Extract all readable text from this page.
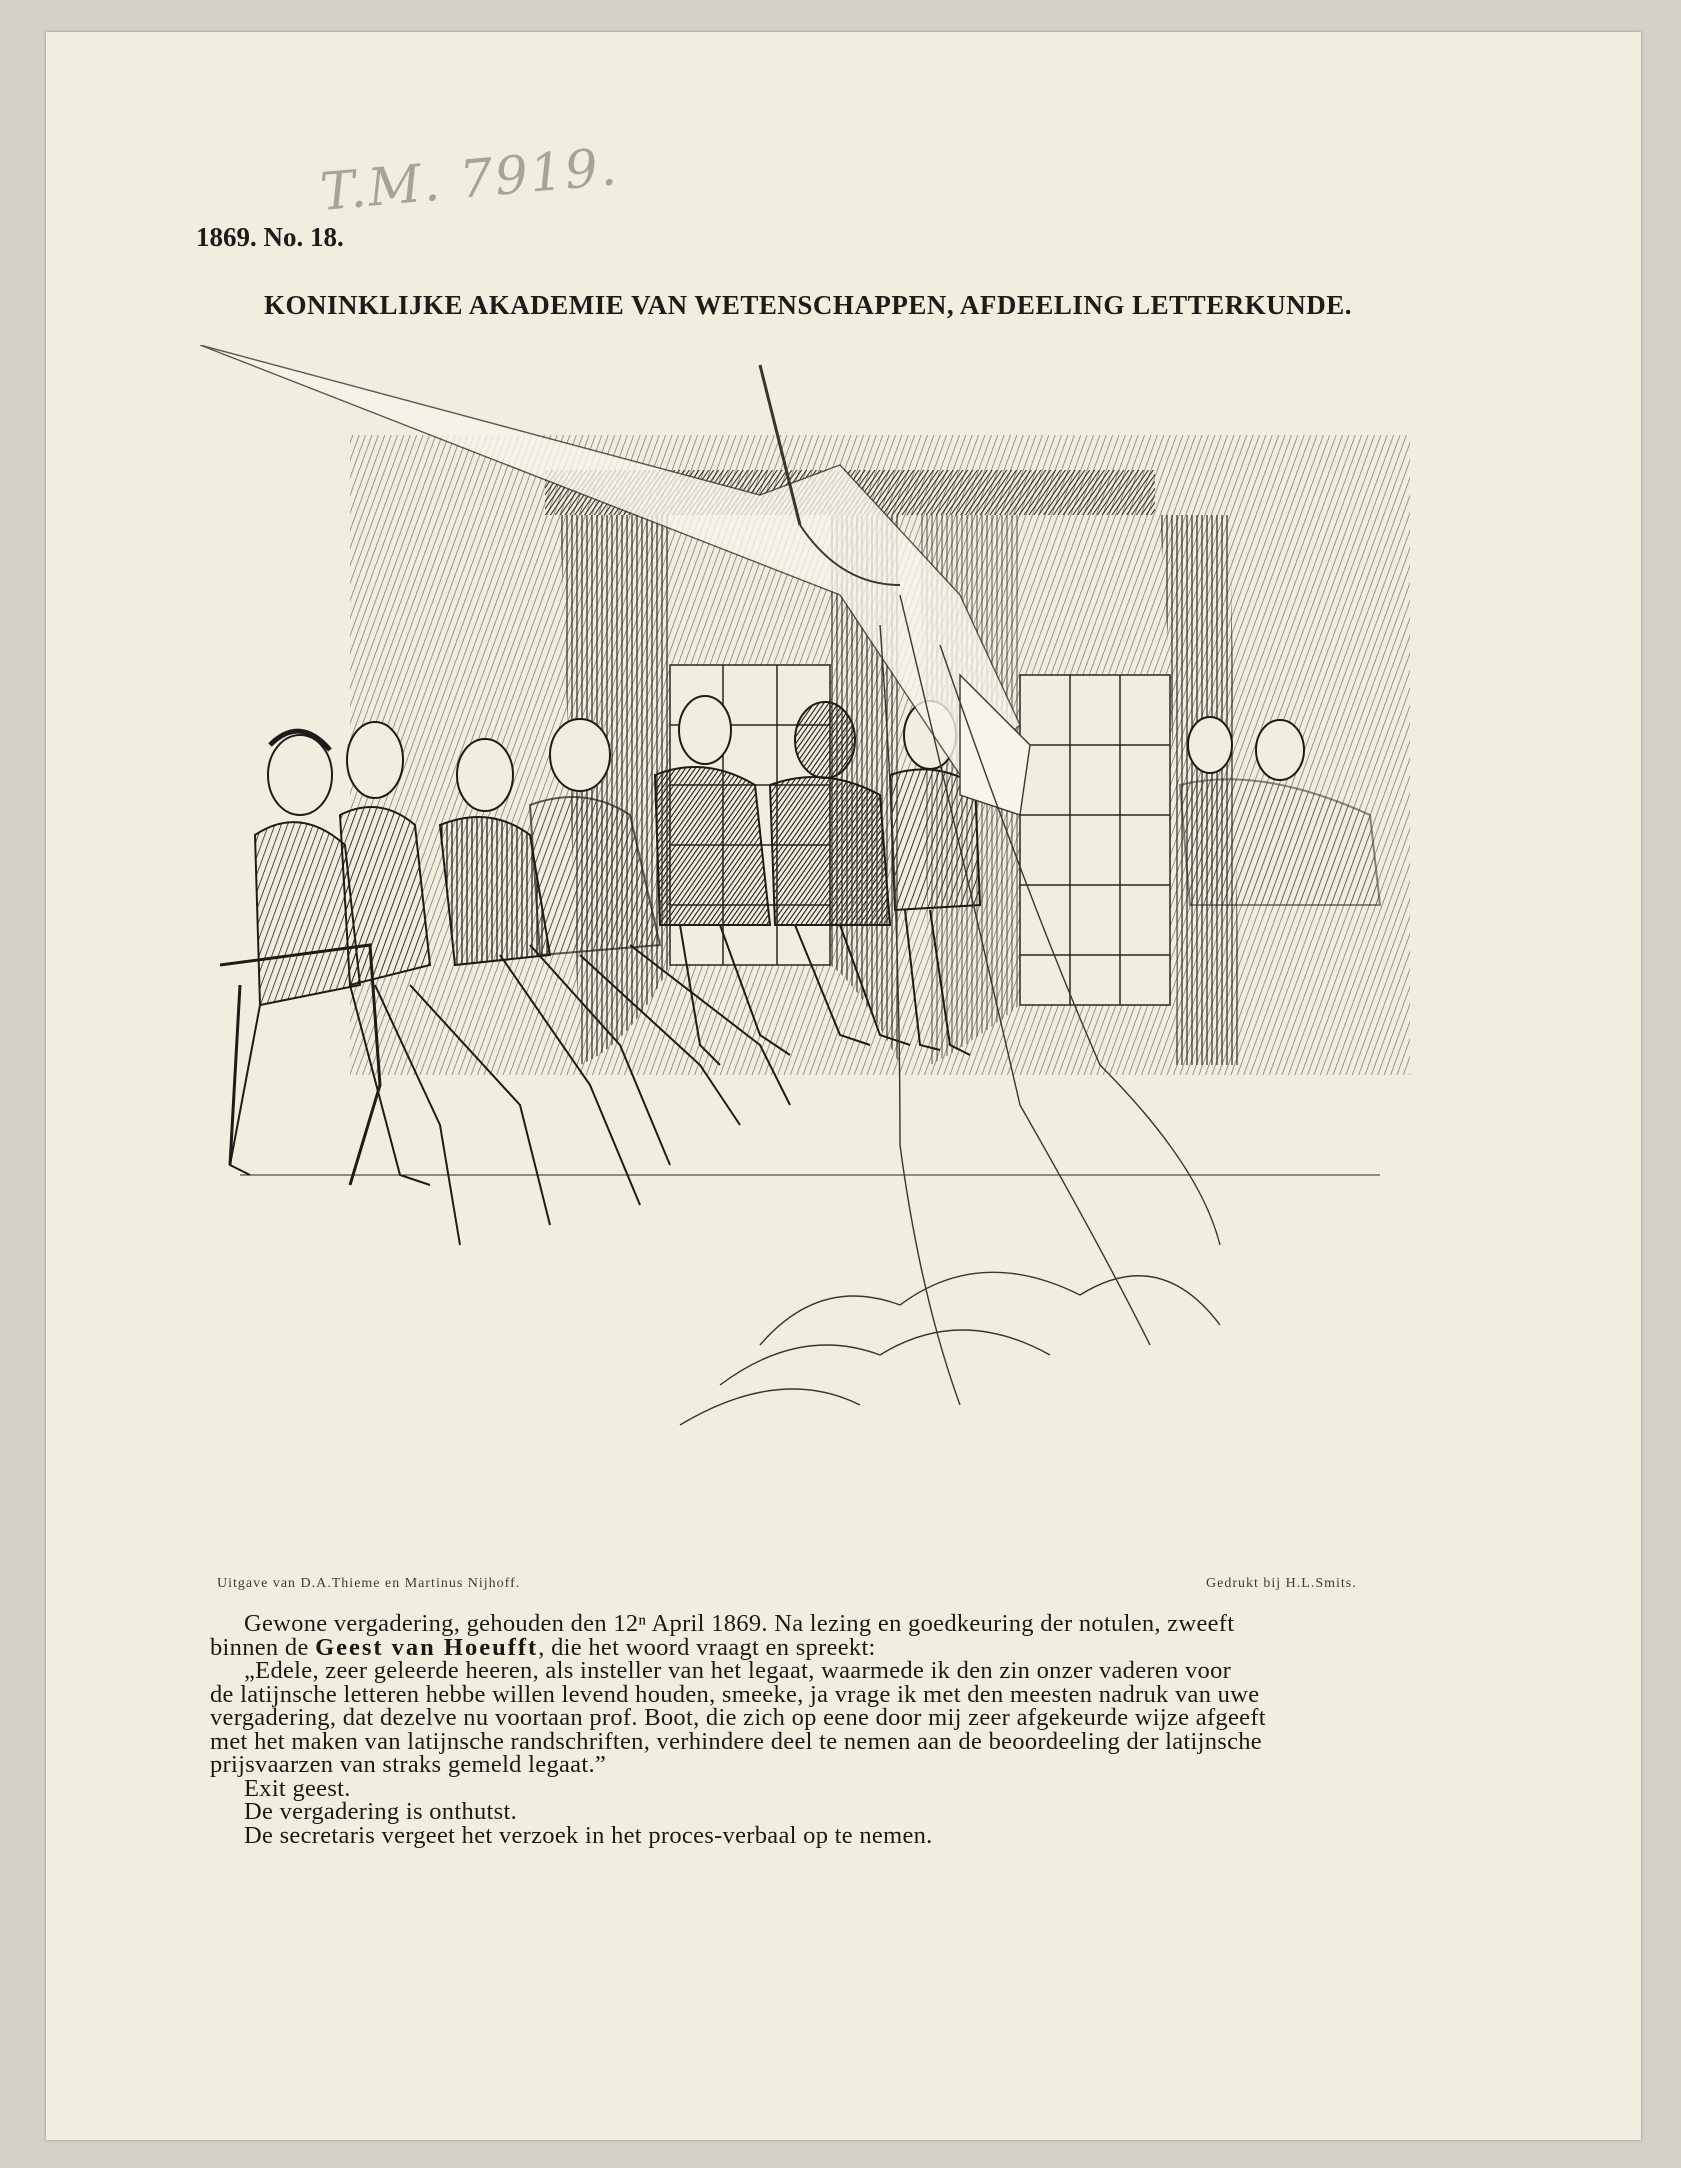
T.M. 7919.
1869. No. 18.
KONINKLIJKE AKADEMIE VAN WETENSCHAPPEN, AFDEELING LETTERKUNDE.
Uitgave van D.A.Thieme en Martinus Nijhoff.	Gedrukt bij H.L.Smits.

Gewone vergadering, gehouden den 12ⁿ April 1869. Na lezing en goedkeuring der notulen, zweeft

binnen de Geest van Hoeufft, die het woord vraagt en spreekt:

„Edele, zeer geleerde heeren, als insteller van het legaat, waarmede ik den zin onzer vaderen voor

de latijnsche letteren hebbe willen levend houden, smeeke, ja vrage ik met den meesten nadruk van uwe

vergadering, dat dezelve nu voortaan prof. Boot, die zich op eene door mij zeer afgekeurde wijze afgeeft

met het maken van latijnsche randschriften, verhindere deel te nemen aan de beoordeeling der latijnsche

prijsvaarzen van straks gemeld legaat.”

Exit geest.

De vergadering is onthutst.

De secretaris vergeet het verzoek in het proces-verbaal op te nemen.
